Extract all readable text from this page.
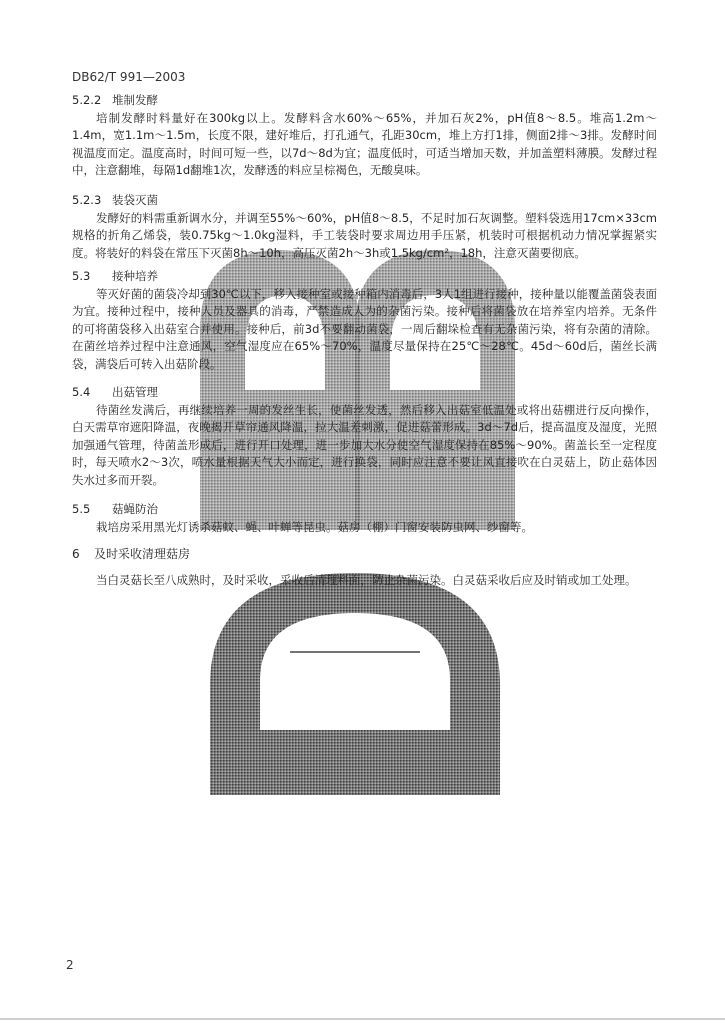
DB62/T 991—2003

5.2.2 堆制发酵

培制发酵时料量好在300kg以上。发酵料含水60%～65%，并加石灰2%，pH值8～8.5。堆高1.2m～1.4m，宽1.1m～1.5m，长度不限，建好堆后，打孔通气，孔距30cm，堆上方打1排，侧面2排～3排。发酵时间视温度而定。温度高时，时间可短一些，以7d～8d为宜；温度低时，可适当增加天数，并加盖塑料薄膜。发酵过程中，注意翻堆，每隔1d翻堆1次，发酵透的料应呈棕褐色，无酸臭味。

5.2.3 装袋灭菌

发酵好的料需重新调水分，并调至55%～60%，pH值8～8.5，不足时加石灰调整。塑料袋选用17cm×33cm规格的折角乙烯袋，装0.75kg～1.0kg湿料，手工装袋时要求周边用手压紧，机装时可根据机动力情况掌握紧实度。将装好的料袋在常压下灭菌8h～10h，高压灭菌2h～3h或1.5kg/cm²，18h，注意灭菌要彻底。

5.3 接种培养

等灭好菌的菌袋冷却到30℃以下，移入接种室或接种箱内消毒后，3人1组进行接种，接种量以能覆盖菌袋表面为宜。接种过程中，接种人员及器具的消毒，严禁造成人为的杂菌污染。接种后将菌袋放在培养室内培养。无条件的可将菌袋移入出菇室合并使用。接种后，前3d不要翻动菌袋，一周后翻垛检查有无杂菌污染，将有杂菌的清除。在菌丝培养过程中注意通风，空气湿度应在65%～70%，温度尽量保持在25℃～28℃。45d～60d后，菌丝长满袋，满袋后可转入出菇阶段。

5.4 出菇管理

待菌丝发满后，再继续培养一周的发丝生长，使菌丝发透，然后移入出菇室低温处或将出菇棚进行反向操作，白天需草帘遮阳降温，夜晚揭开草帘通风降温，拉大温差刺激，促进菇蕾形成。3d～7d后，提高温度及湿度，光照加强通气管理，待菌盖形成后，进行开口处理，进一步加大水分使空气湿度保持在85%～90%。菌盖长至一定程度时，每天喷水2～3次，喷水量根据天气大小而定，进行换袋，同时应注意不要让风直接吹在白灵菇上，防止菇体因失水过多而开裂。

5.5 菇蝇防治

栽培房采用黑光灯诱杀菇蚊、蝇、叶蝉等昆虫。菇房（棚）门窗安装防虫网、纱窗等。

6 及时采收清理菇房

当白灵菇长至八成熟时，及时采收，采收后清理料面，防止杂菌污染。白灵菇采收后应及时销或加工处理。

2
